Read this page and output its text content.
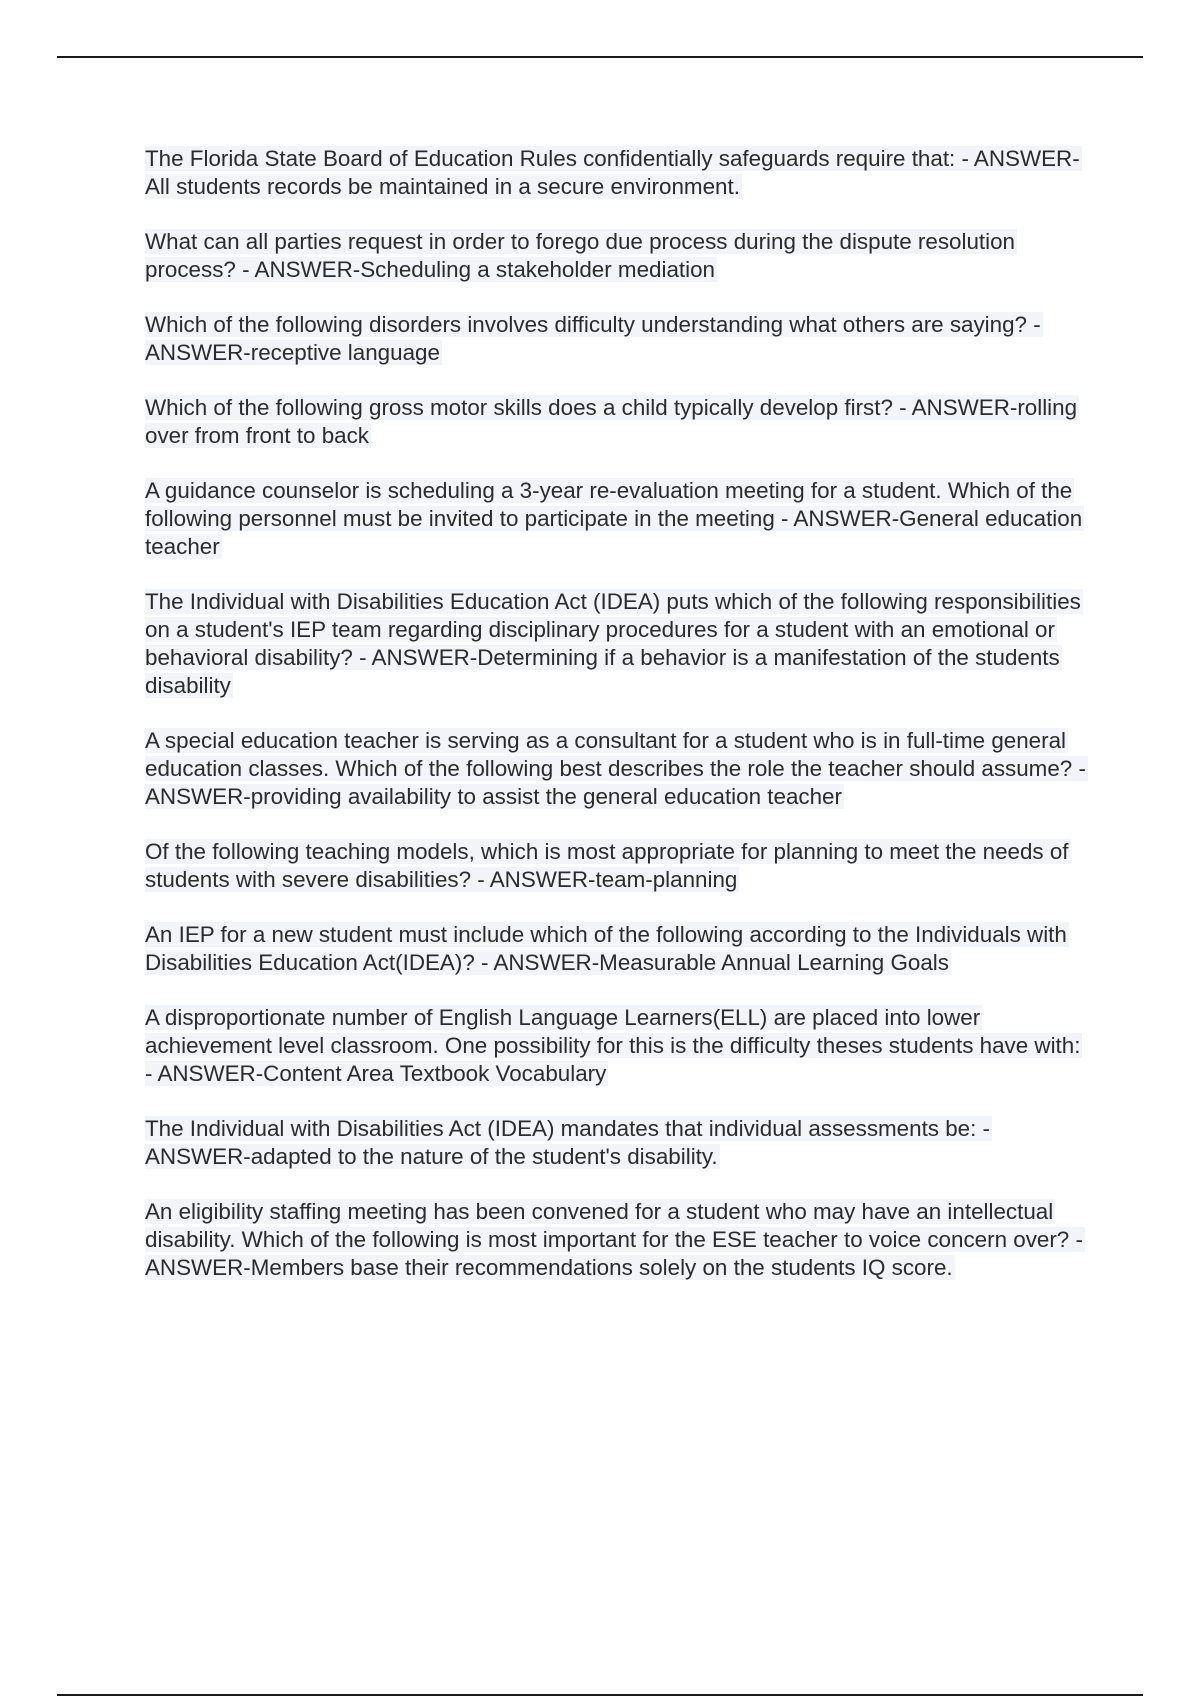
The Florida State Board of Education Rules confidentially safeguards require that: - ANSWER-All students records be maintained in a secure environment.

What can all parties request in order to forego due process during the dispute resolution process? - ANSWER-Scheduling a stakeholder mediation

Which of the following disorders involves difficulty understanding what others are saying? - ANSWER-receptive language

Which of the following gross motor skills does a child typically develop first? - ANSWER-rolling over from front to back

A guidance counselor is scheduling a 3-year re-evaluation meeting for a student. Which of the following personnel must be invited to participate in the meeting - ANSWER-General education teacher

The Individual with Disabilities Education Act (IDEA) puts which of the following responsibilities on a student's IEP team regarding disciplinary procedures for a student with an emotional or behavioral disability? - ANSWER-Determining if a behavior is a manifestation of the students disability

A special education teacher is serving as a consultant for a student who is in full-time general education classes. Which of the following best describes the role the teacher should assume? - ANSWER-providing availability to assist the general education teacher

Of the following teaching models, which is most appropriate for planning to meet the needs of students with severe disabilities? - ANSWER-team-planning

An IEP for a new student must include which of the following according to the Individuals with Disabilities Education Act(IDEA)? - ANSWER-Measurable Annual Learning Goals

A disproportionate number of English Language Learners(ELL) are placed into lower achievement level classroom. One possibility for this is the difficulty theses students have with: - ANSWER-Content Area Textbook Vocabulary

The Individual with Disabilities Act (IDEA) mandates that individual assessments be: - ANSWER-adapted to the nature of the student's disability.

An eligibility staffing meeting has been convened for a student who may have an intellectual disability. Which of the following is most important for the ESE teacher to voice concern over? - ANSWER-Members base their recommendations solely on the students IQ score.
